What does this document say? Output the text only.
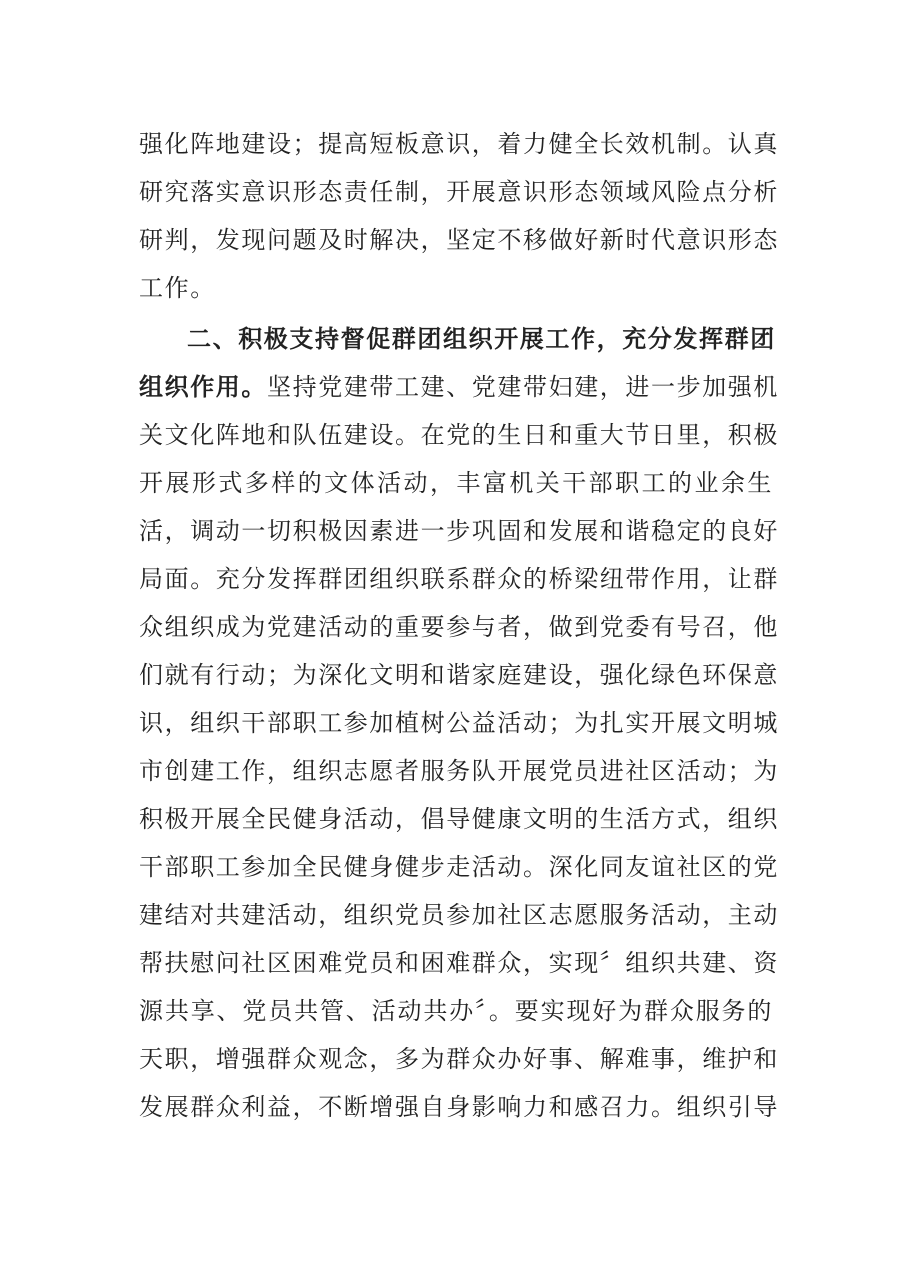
强化阵地建设；提高短板意识，着力健全长效机制。认真
研究落实意识形态责任制，开展意识形态领域风险点分析
研判，发现问题及时解决，坚定不移做好新时代意识形态
工作。
二、积极支持督促群团组织开展工作，充分发挥群团
组织作用。坚持党建带工建、党建带妇建，进一步加强机
关文化阵地和队伍建设。在党的生日和重大节日里，积极
开展形式多样的文体活动，丰富机关干部职工的业余生
活，调动一切积极因素进一步巩固和发展和谐稳定的良好
局面。充分发挥群团组织联系群众的桥梁纽带作用，让群
众组织成为党建活动的重要参与者，做到党委有号召，他
们就有行动；为深化文明和谐家庭建设，强化绿色环保意
识，组织干部职工参加植树公益活动；为扎实开展文明城
市创建工作，组织志愿者服务队开展党员进社区活动；为
积极开展全民健身活动，倡导健康文明的生活方式，组织
干部职工参加全民健身健步走活动。深化同友谊社区的党
建结对共建活动，组织党员参加社区志愿服务活动，主动
帮扶慰问社区困难党员和困难群众，实现〞组织共建、资
源共享、党员共管、活动共办〞。要实现好为群众服务的
天职，增强群众观念，多为群众办好事、解难事，维护和
发展群众利益，不断增强自身影响力和感召力。组织引导
